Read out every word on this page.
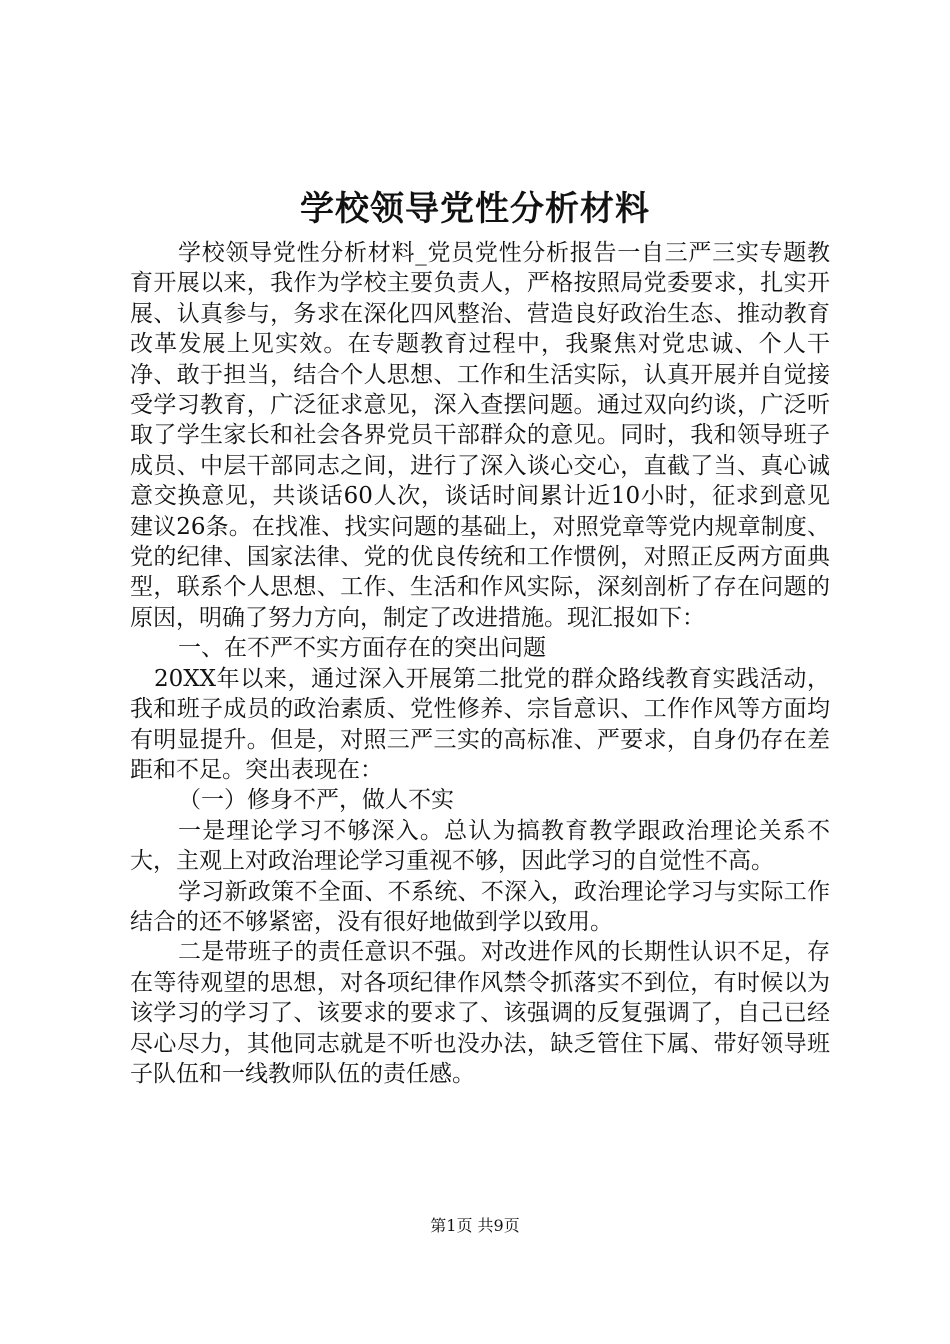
学校领导党性分析材料

学校领导党性分析材料_党员党性分析报告一自三严三实专题教育开展以来，我作为学校主要负责人，严格按照局党委要求，扎实开展、认真参与，务求在深化四风整治、营造良好政治生态、推动教育改革发展上见实效。在专题教育过程中，我聚焦对党忠诚、个人干净、敢于担当，结合个人思想、工作和生活实际，认真开展并自觉接受学习教育，广泛征求意见，深入查摆问题。通过双向约谈，广泛听取了学生家长和社会各界党员干部群众的意见。同时，我和领导班子成员、中层干部同志之间，进行了深入谈心交心，直截了当、真心诚意交换意见，共谈话60人次，谈话时间累计近10小时，征求到意见建议26条。在找准、找实问题的基础上，对照党章等党内规章制度、党的纪律、国家法律、党的优良传统和工作惯例，对照正反两方面典型，联系个人思想、工作、生活和作风实际，深刻剖析了存在问题的原因，明确了努力方向，制定了改进措施。现汇报如下：

一、在不严不实方面存在的突出问题

20XX年以来，通过深入开展第二批党的群众路线教育实践活动，我和班子成员的政治素质、党性修养、宗旨意识、工作作风等方面均有明显提升。但是，对照三严三实的高标准、严要求，自身仍存在差距和不足。突出表现在：

（一）修身不严，做人不实

一是理论学习不够深入。总认为搞教育教学跟政治理论关系不大，主观上对政治理论学习重视不够，因此学习的自觉性不高。

学习新政策不全面、不系统、不深入，政治理论学习与实际工作结合的还不够紧密，没有很好地做到学以致用。

二是带班子的责任意识不强。对改进作风的长期性认识不足，存在等待观望的思想，对各项纪律作风禁令抓落实不到位，有时候以为该学习的学习了、该要求的要求了、该强调的反复强调了，自己已经尽心尽力，其他同志就是不听也没办法，缺乏管住下属、带好领导班子队伍和一线教师队伍的责任感。

第1页 共9页
